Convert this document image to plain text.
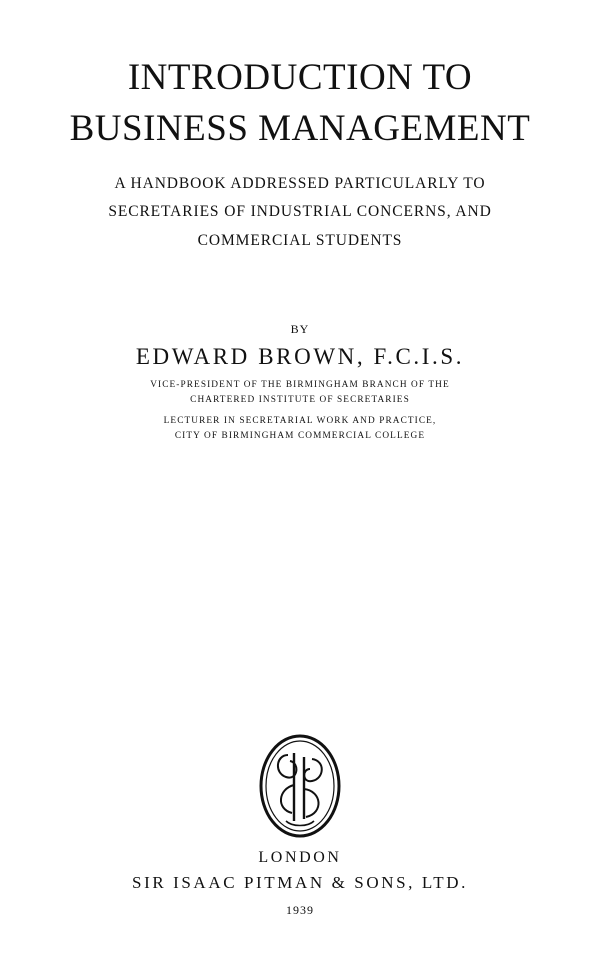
INTRODUCTION TO
BUSINESS MANAGEMENT

A HANDBOOK ADDRESSED PARTICULARLY TO

SECRETARIES OF INDUSTRIAL CONCERNS, AND

COMMERCIAL STUDENTS

BY

EDWARD BROWN, F.C.I.S.

VICE-PRESIDENT OF THE BIRMINGHAM BRANCH OF THE

CHARTERED INSTITUTE OF SECRETARIES

LECTURER IN SECRETARIAL WORK AND PRACTICE,

CITY OF BIRMINGHAM COMMERCIAL COLLEGE

LONDON

SIR ISAAC PITMAN & SONS, LTD.

1939
